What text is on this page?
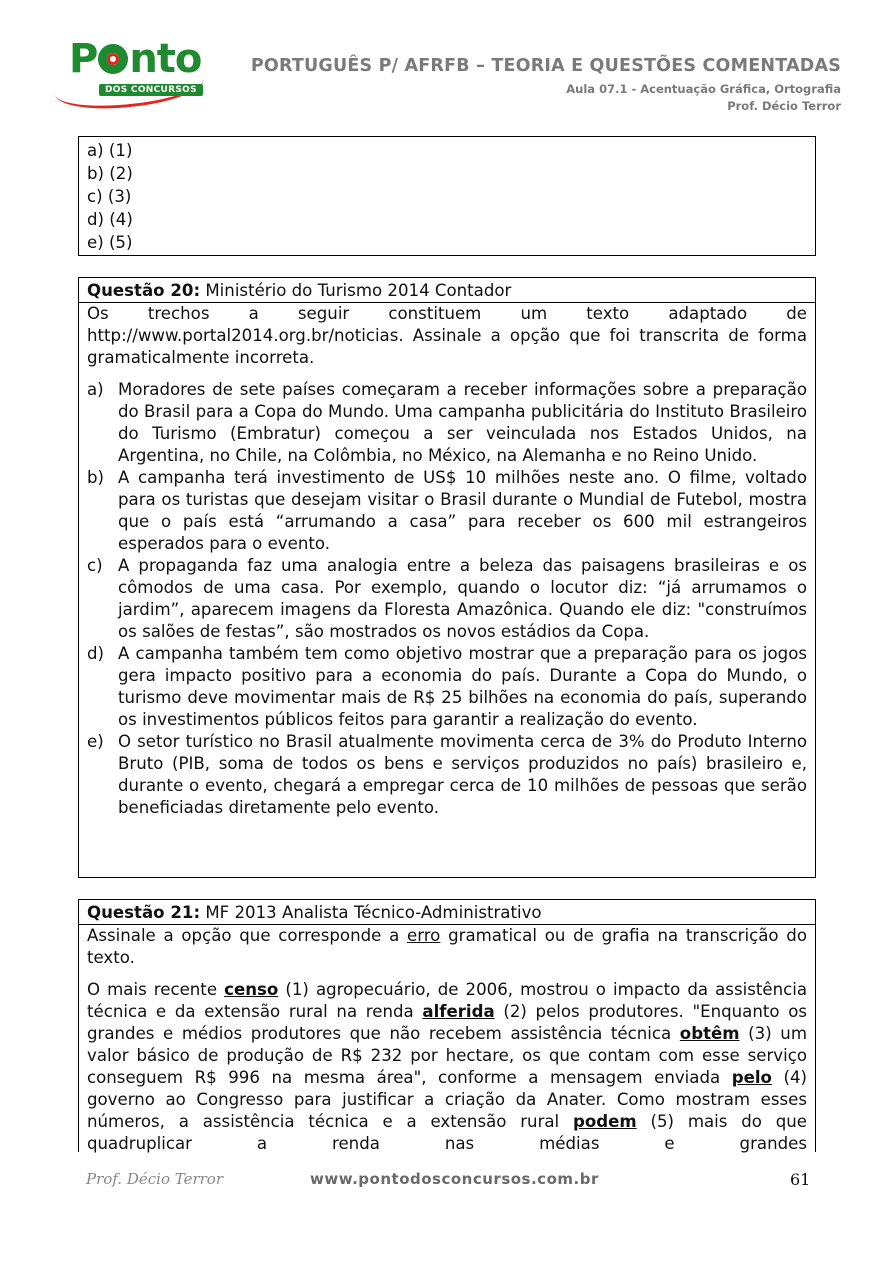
P nto
DOS CONCURSOS
PORTUGUÊS P/ AFRFB – TEORIA E QUESTÕES COMENTADAS
Aula 07.1 - Acentuação Gráfica, Ortografia
Prof. Décio Terror
a) (1)
b) (2)
c) (3)
d) (4)
e) (5)
Questão 20: Ministério do Turismo 2014 Contador
Os trechos a seguir constituem um texto adaptado de
http://www.portal2014.org.br/noticias. Assinale a opção que foi transcrita de forma gramaticalmente incorreta.
a) Moradores de sete países começaram a receber informações sobre a preparação do Brasil para a Copa do Mundo. Uma campanha publicitária do Instituto Brasileiro do Turismo (Embratur) começou a ser veinculada nos Estados Unidos, na Argentina, no Chile, na Colômbia, no México, na Alemanha e no Reino Unido.
b) A campanha terá investimento de US$ 10 milhões neste ano. O filme, voltado para os turistas que desejam visitar o Brasil durante o Mundial de Futebol, mostra que o país está “arrumando a casa” para receber os 600 mil estrangeiros esperados para o evento.
c) A propaganda faz uma analogia entre a beleza das paisagens brasileiras e os cômodos de uma casa. Por exemplo, quando o locutor diz: “já arrumamos o jardim”, aparecem imagens da Floresta Amazônica. Quando ele diz: "construímos os salões de festas”, são mostrados os novos estádios da Copa.
d) A campanha também tem como objetivo mostrar que a preparação para os jogos gera impacto positivo para a economia do país. Durante a Copa do Mundo, o turismo deve movimentar mais de R$ 25 bilhões na economia do país, superando os investimentos públicos feitos para garantir a realização do evento.
e) O setor turístico no Brasil atualmente movimenta cerca de 3% do Produto Interno Bruto (PIB, soma de todos os bens e serviços produzidos no país) brasileiro e, durante o evento, chegará a empregar cerca de 10 milhões de pessoas que serão beneficiadas diretamente pelo evento.
Questão 21: MF 2013 Analista Técnico-Administrativo
Assinale a opção que corresponde a erro gramatical ou de grafia na transcrição do texto.
O mais recente censo (1) agropecuário, de 2006, mostrou o impacto da assistência técnica e da extensão rural na renda alferida (2) pelos produtores. "Enquanto os grandes e médios produtores que não recebem assistência técnica obtêm (3) um valor básico de produção de R$ 232 por hectare, os que contam com esse serviço conseguem R$ 996 na mesma área", conforme a mensagem enviada pelo (4) governo ao Congresso para justificar a criação da Anater. Como mostram esses números, a assistência técnica e a extensão rural podem (5) mais do que quadruplicar a renda nas médias e grandes
Prof. Décio Terror	www.pontodosconcursos.com.br	61
